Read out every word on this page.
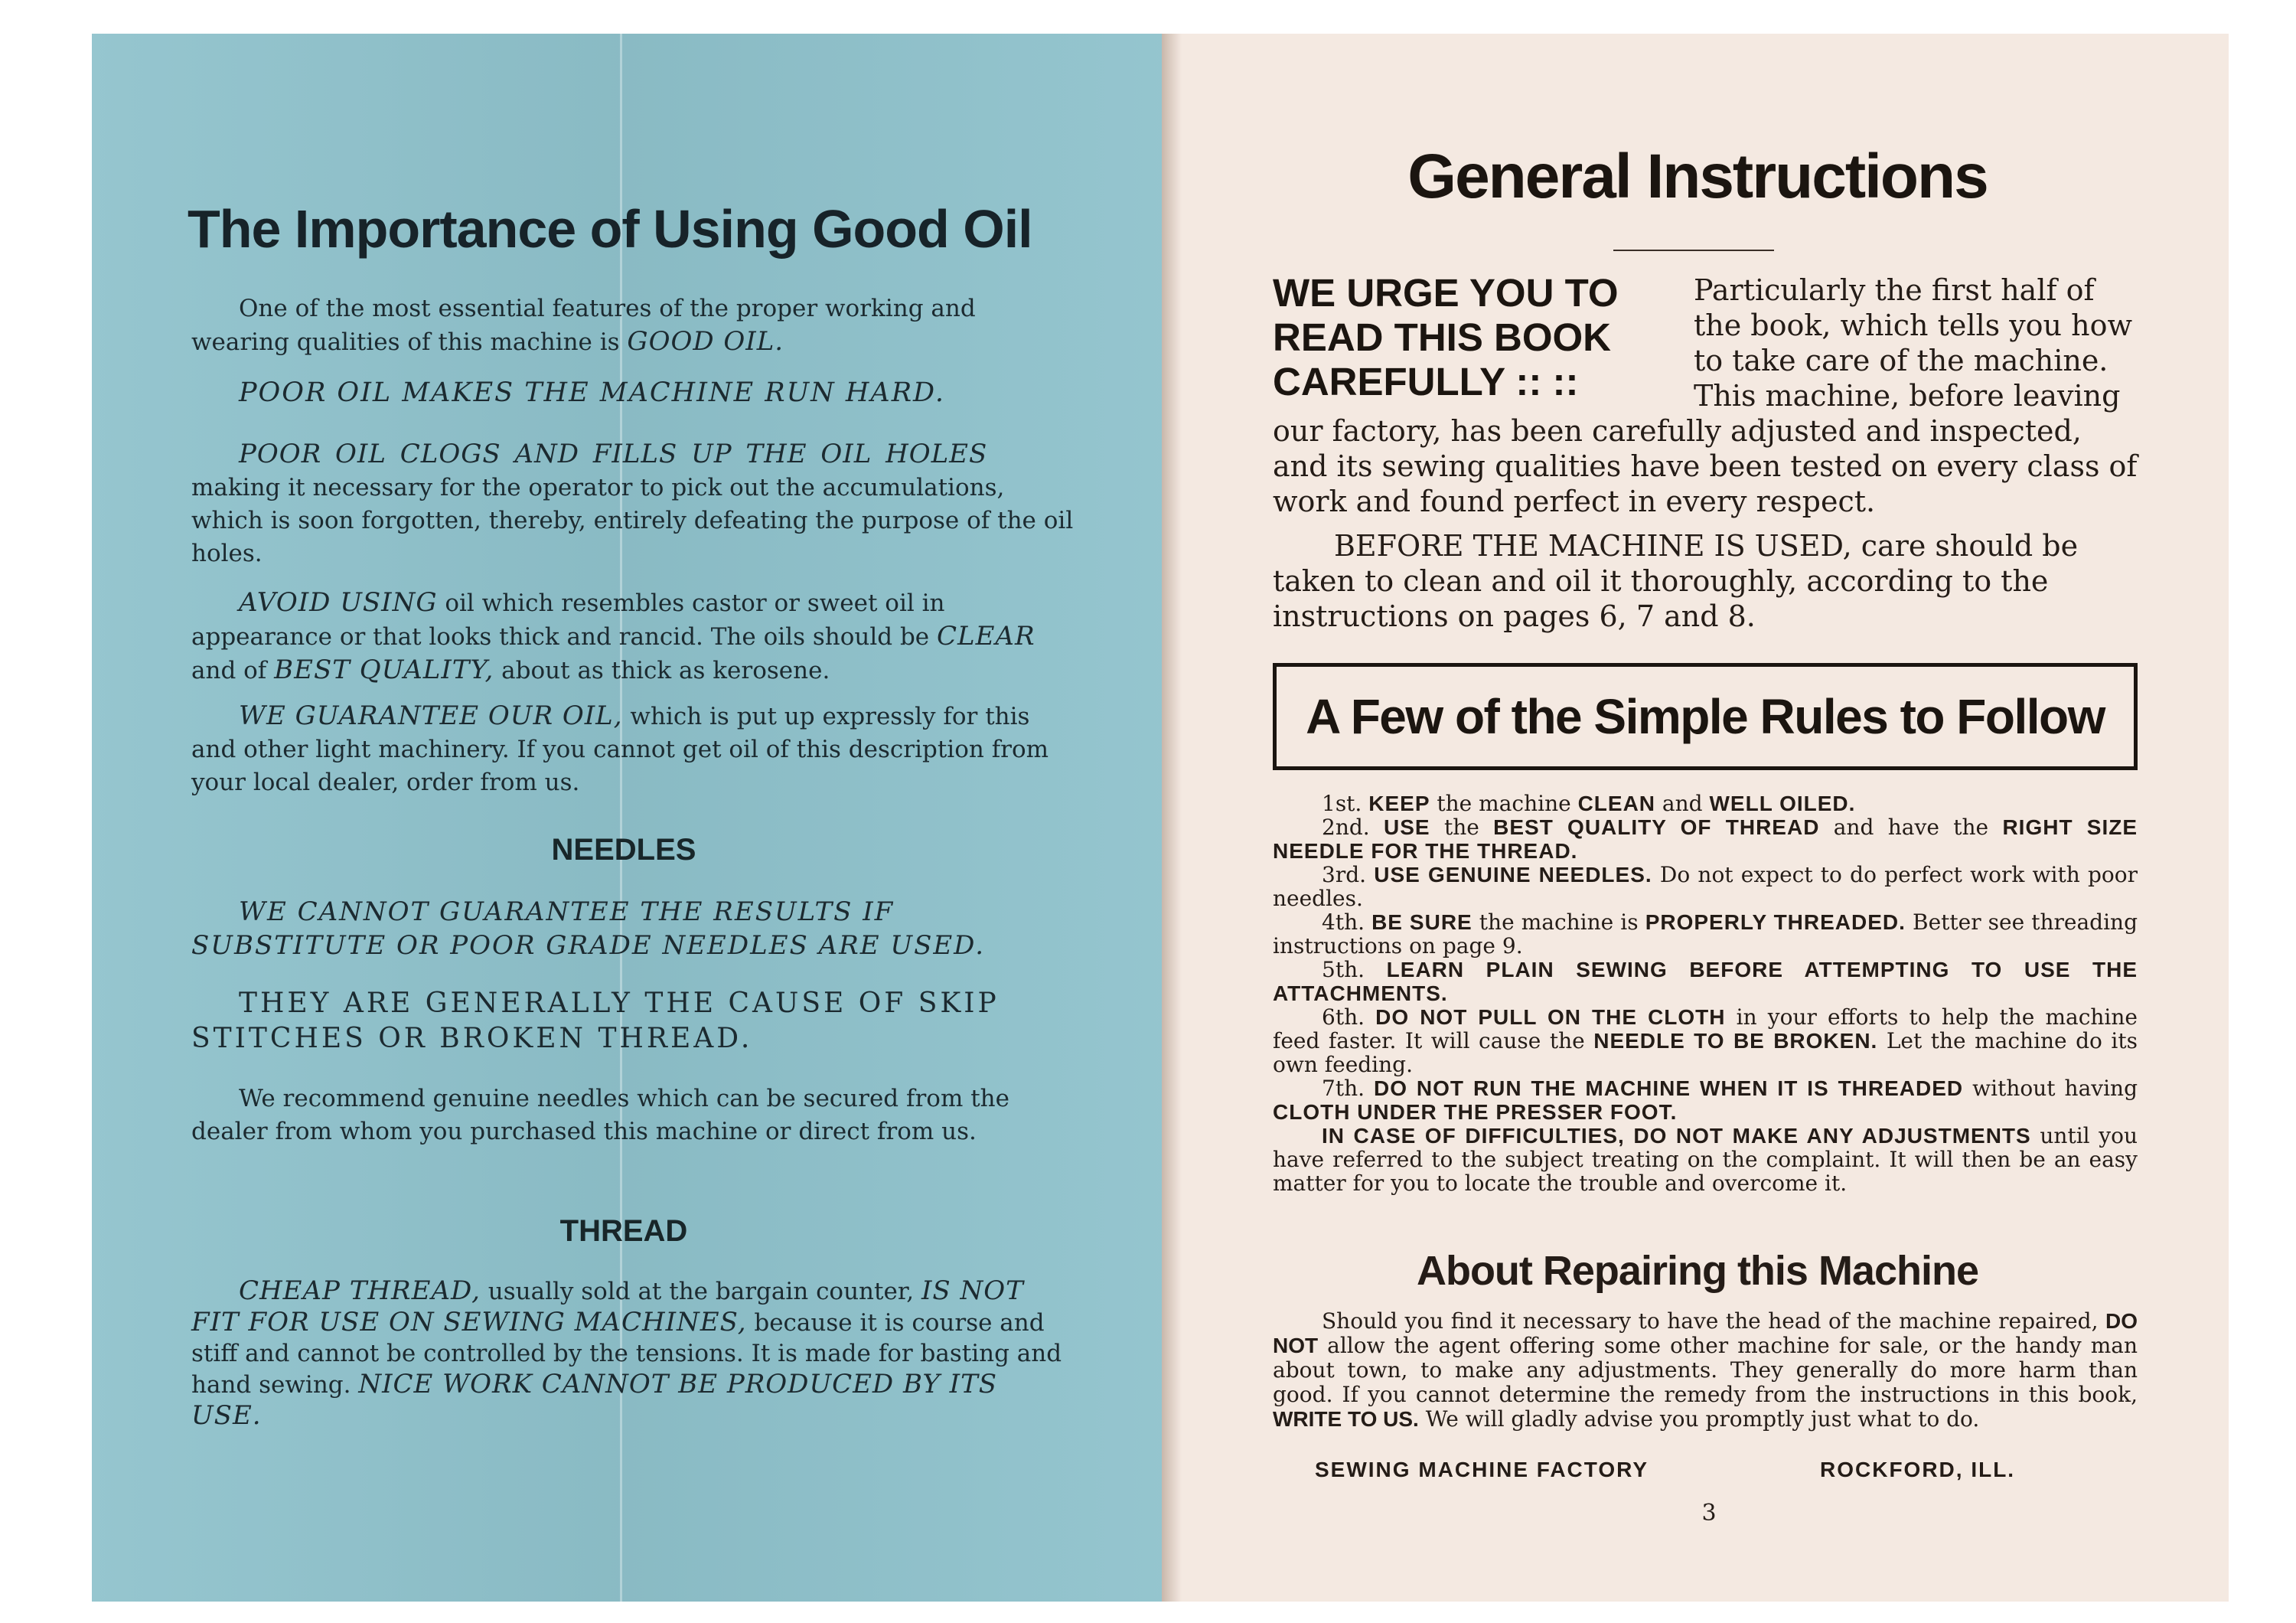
The Importance of Using Good Oil
One of the most essential features of the proper working and wearing qualities of this machine is GOOD OIL.
POOR OIL MAKES THE MACHINE RUN HARD.
POOR OIL CLOGS AND FILLS UP THE OIL HOLES making it necessary for the operator to pick out the accumulations, which is soon forgotten, thereby, entirely defeating the purpose of the oil holes.
AVOID USING oil which resembles castor or sweet oil in appearance or that looks thick and rancid. The oils should be CLEAR and of BEST QUALITY, about as thick as kerosene.
WE GUARANTEE OUR OIL, which is put up expressly for this and other light machinery. If you cannot get oil of this description from your local dealer, order from us.
NEEDLES
WE CANNOT GUARANTEE THE RESULTS IF SUBSTITUTE OR POOR GRADE NEEDLES ARE USED.
THEY ARE GENERALLY THE CAUSE OF SKIP STITCHES OR BROKEN THREAD.
We recommend genuine needles which can be secured from the dealer from whom you purchased this machine or direct from us.
THREAD
CHEAP THREAD, usually sold at the bargain counter, IS NOT FIT FOR USE ON SEWING MACHINES, because it is course and stiff and cannot be controlled by the tensions. It is made for basting and hand sewing. NICE WORK CANNOT BE PRODUCED BY ITS USE.
General Instructions
WE URGE YOU TO READ THIS BOOK CAREFULLY :: ::
Particularly the first half of the book, which tells you how to take care of the machine. This machine, before leaving
our factory, has been carefully adjusted and inspected, and its sewing qualities have been tested on every class of work and found perfect in every respect.
BEFORE THE MACHINE IS USED, care should be taken to clean and oil it thoroughly, according to the instructions on pages 6, 7 and 8.
A Few of the Simple Rules to Follow

1st. KEEP the machine CLEAN and WELL OILED.

2nd. USE the BEST QUALITY OF THREAD and have the RIGHT SIZE NEEDLE FOR THE THREAD.

3rd. USE GENUINE NEEDLES. Do not expect to do perfect work with poor needles.

4th. BE SURE the machine is PROPERLY THREADED. Better see threading instructions on page 9.

5th. LEARN PLAIN SEWING BEFORE ATTEMPTING TO USE THE ATTACHMENTS.

6th. DO NOT PULL ON THE CLOTH in your efforts to help the machine feed faster. It will cause the NEEDLE TO BE BROKEN. Let the machine do its own feeding.

7th. DO NOT RUN THE MACHINE WHEN IT IS THREADED without having CLOTH UNDER THE PRESSER FOOT.

IN CASE OF DIFFICULTIES, DO NOT MAKE ANY ADJUSTMENTS until you have referred to the subject treating on the complaint. It will then be an easy matter for you to locate the trouble and overcome it.

About Repairing this Machine
Should you find it necessary to have the head of the machine repaired, DO NOT allow the agent offering some other machine for sale, or the handy man about town, to make any adjustments. They generally do more harm than good. If you cannot determine the remedy from the instructions in this book, WRITE TO US. We will gladly advise you promptly just what to do.
SEWING MACHINE FACTORY	ROCKFORD, ILL.
3
